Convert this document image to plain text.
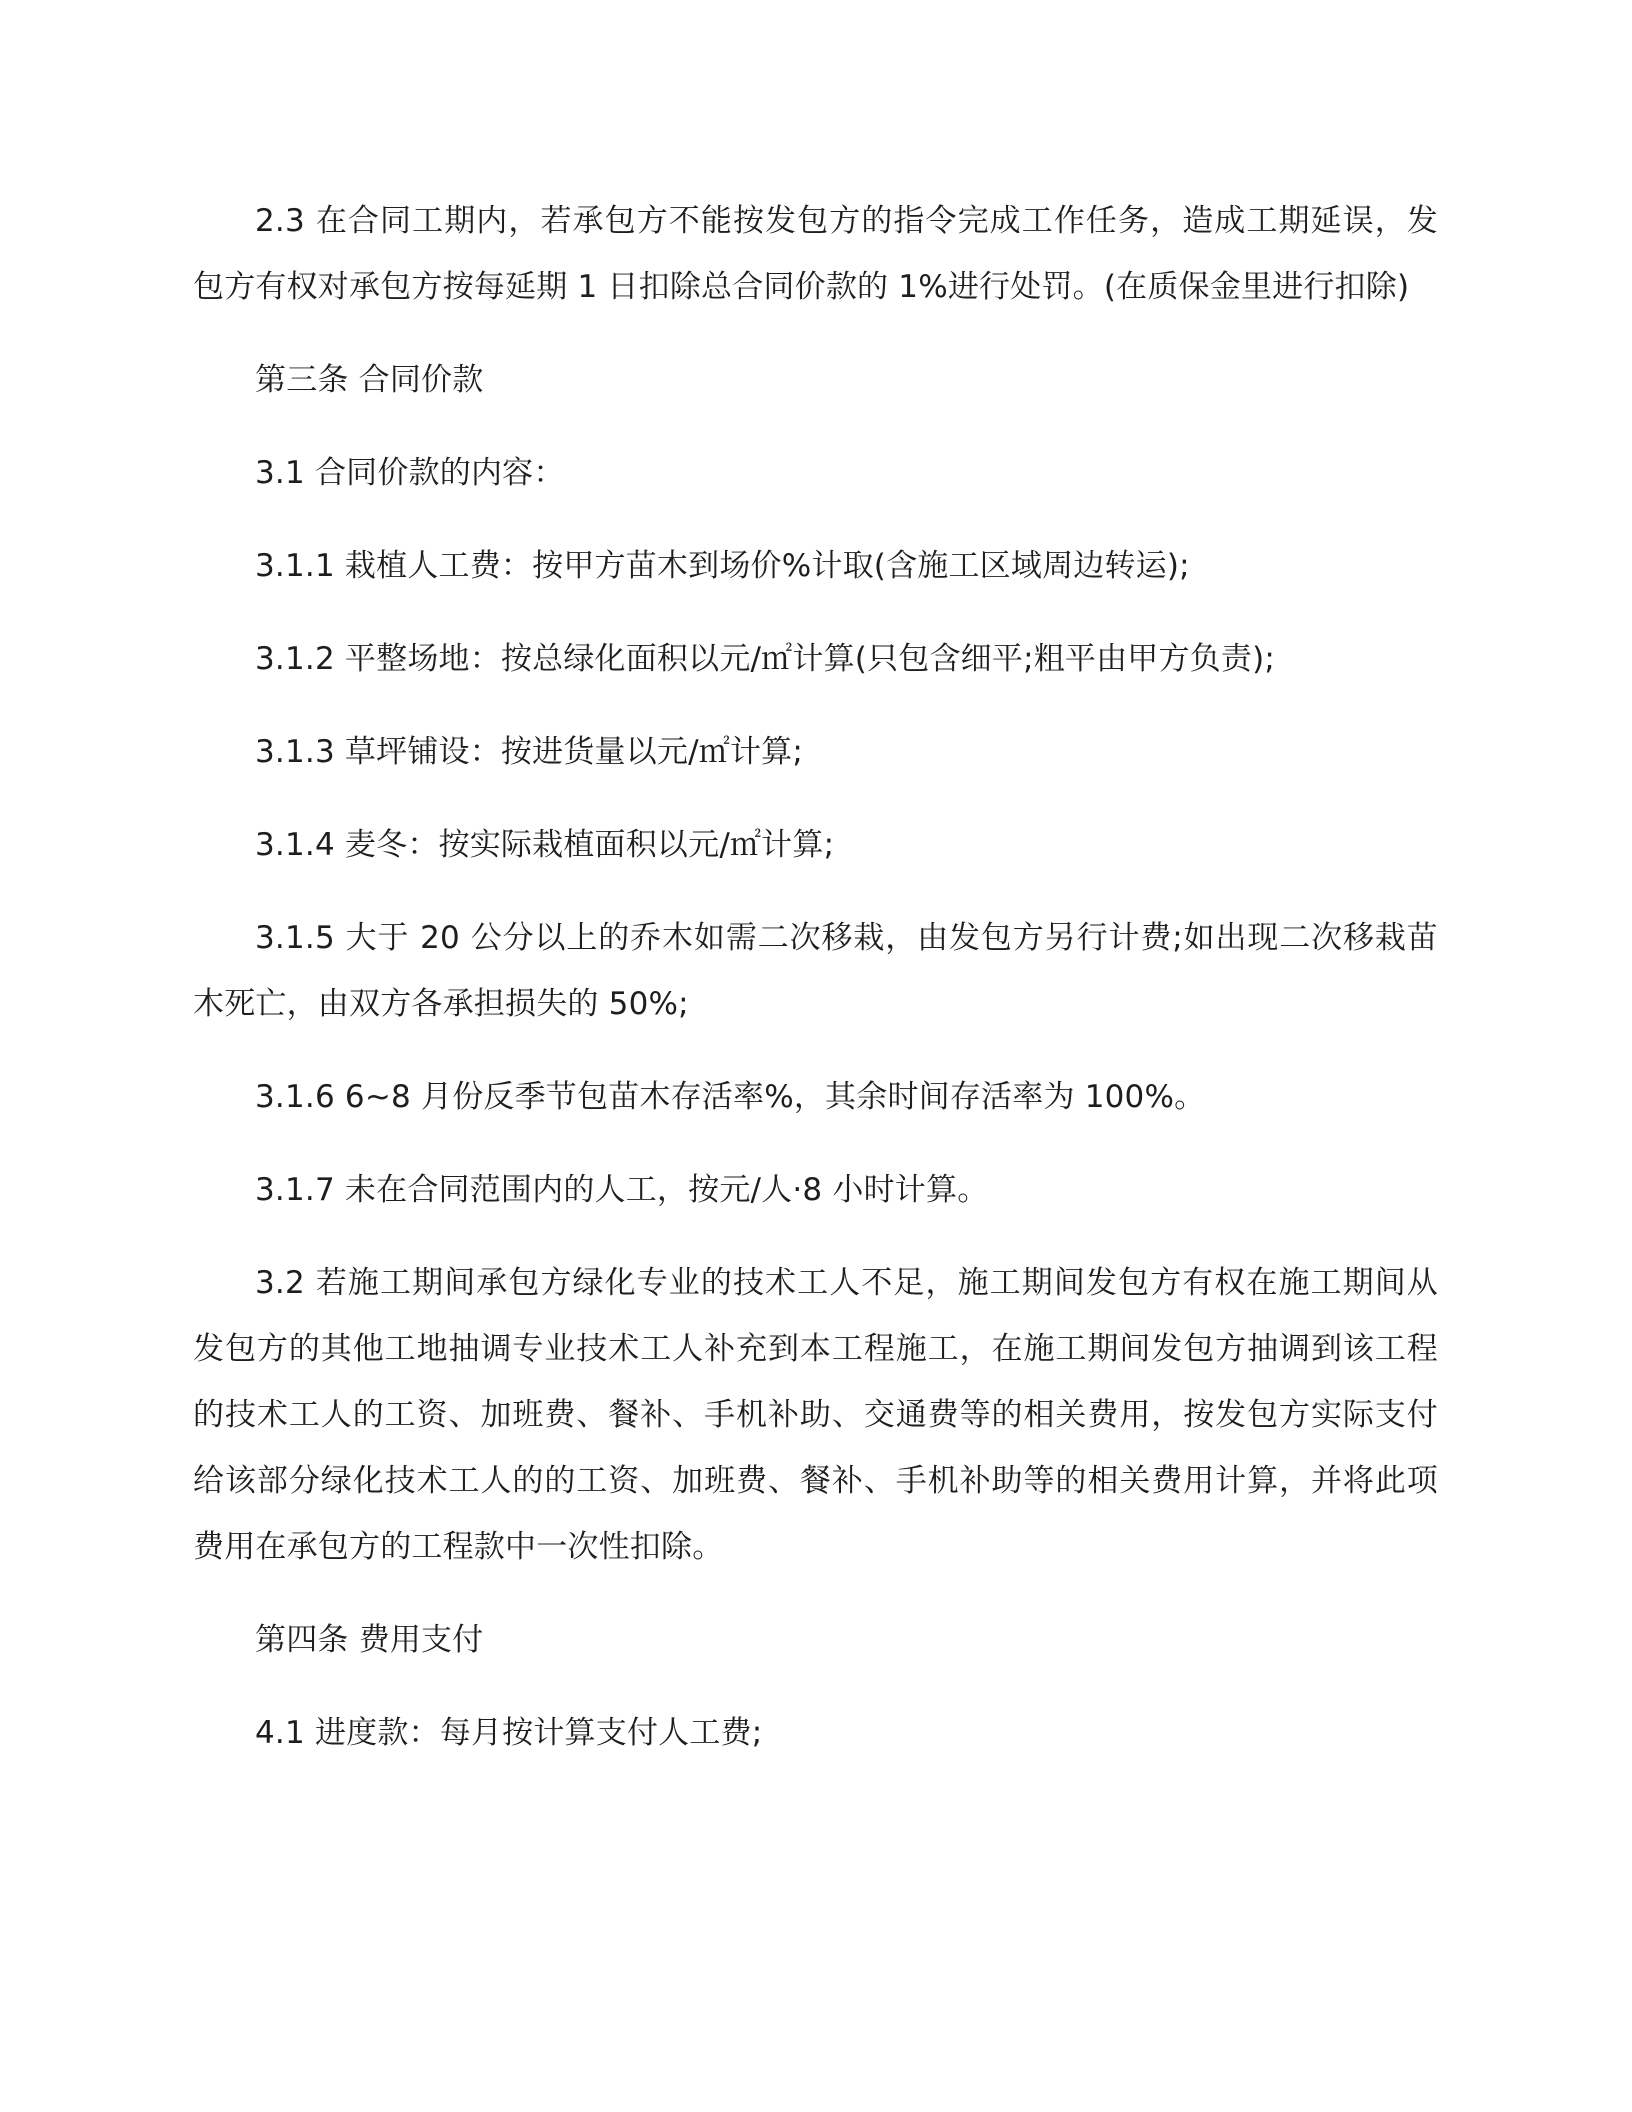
2.3 在合同工期内，若承包方不能按发包方的指令完成工作任务，造成工期延误，发包方有权对承包方按每延期 1 日扣除总合同价款的 1%进行处罚。(在质保金里进行扣除)

第三条 合同价款

3.1 合同价款的内容：

3.1.1 栽植人工费：按甲方苗木到场价%计取(含施工区域周边转运);

3.1.2 平整场地：按总绿化面积以元/㎡计算(只包含细平;粗平由甲方负责);

3.1.3 草坪铺设：按进货量以元/㎡计算;

3.1.4 麦冬：按实际栽植面积以元/㎡计算;

3.1.5 大于 20 公分以上的乔木如需二次移栽，由发包方另行计费;如出现二次移栽苗木死亡，由双方各承担损失的 50%;

3.1.6 6~8 月份反季节包苗木存活率%，其余时间存活率为 100%。

3.1.7 未在合同范围内的人工，按元/人·8 小时计算。

3.2 若施工期间承包方绿化专业的技术工人不足，施工期间发包方有权在施工期间从发包方的其他工地抽调专业技术工人补充到本工程施工，在施工期间发包方抽调到该工程的技术工人的工资、加班费、餐补、手机补助、交通费等的相关费用，按发包方实际支付给该部分绿化技术工人的的工资、加班费、餐补、手机补助等的相关费用计算，并将此项费用在承包方的工程款中一次性扣除。

第四条 费用支付

4.1 进度款：每月按计算支付人工费;
